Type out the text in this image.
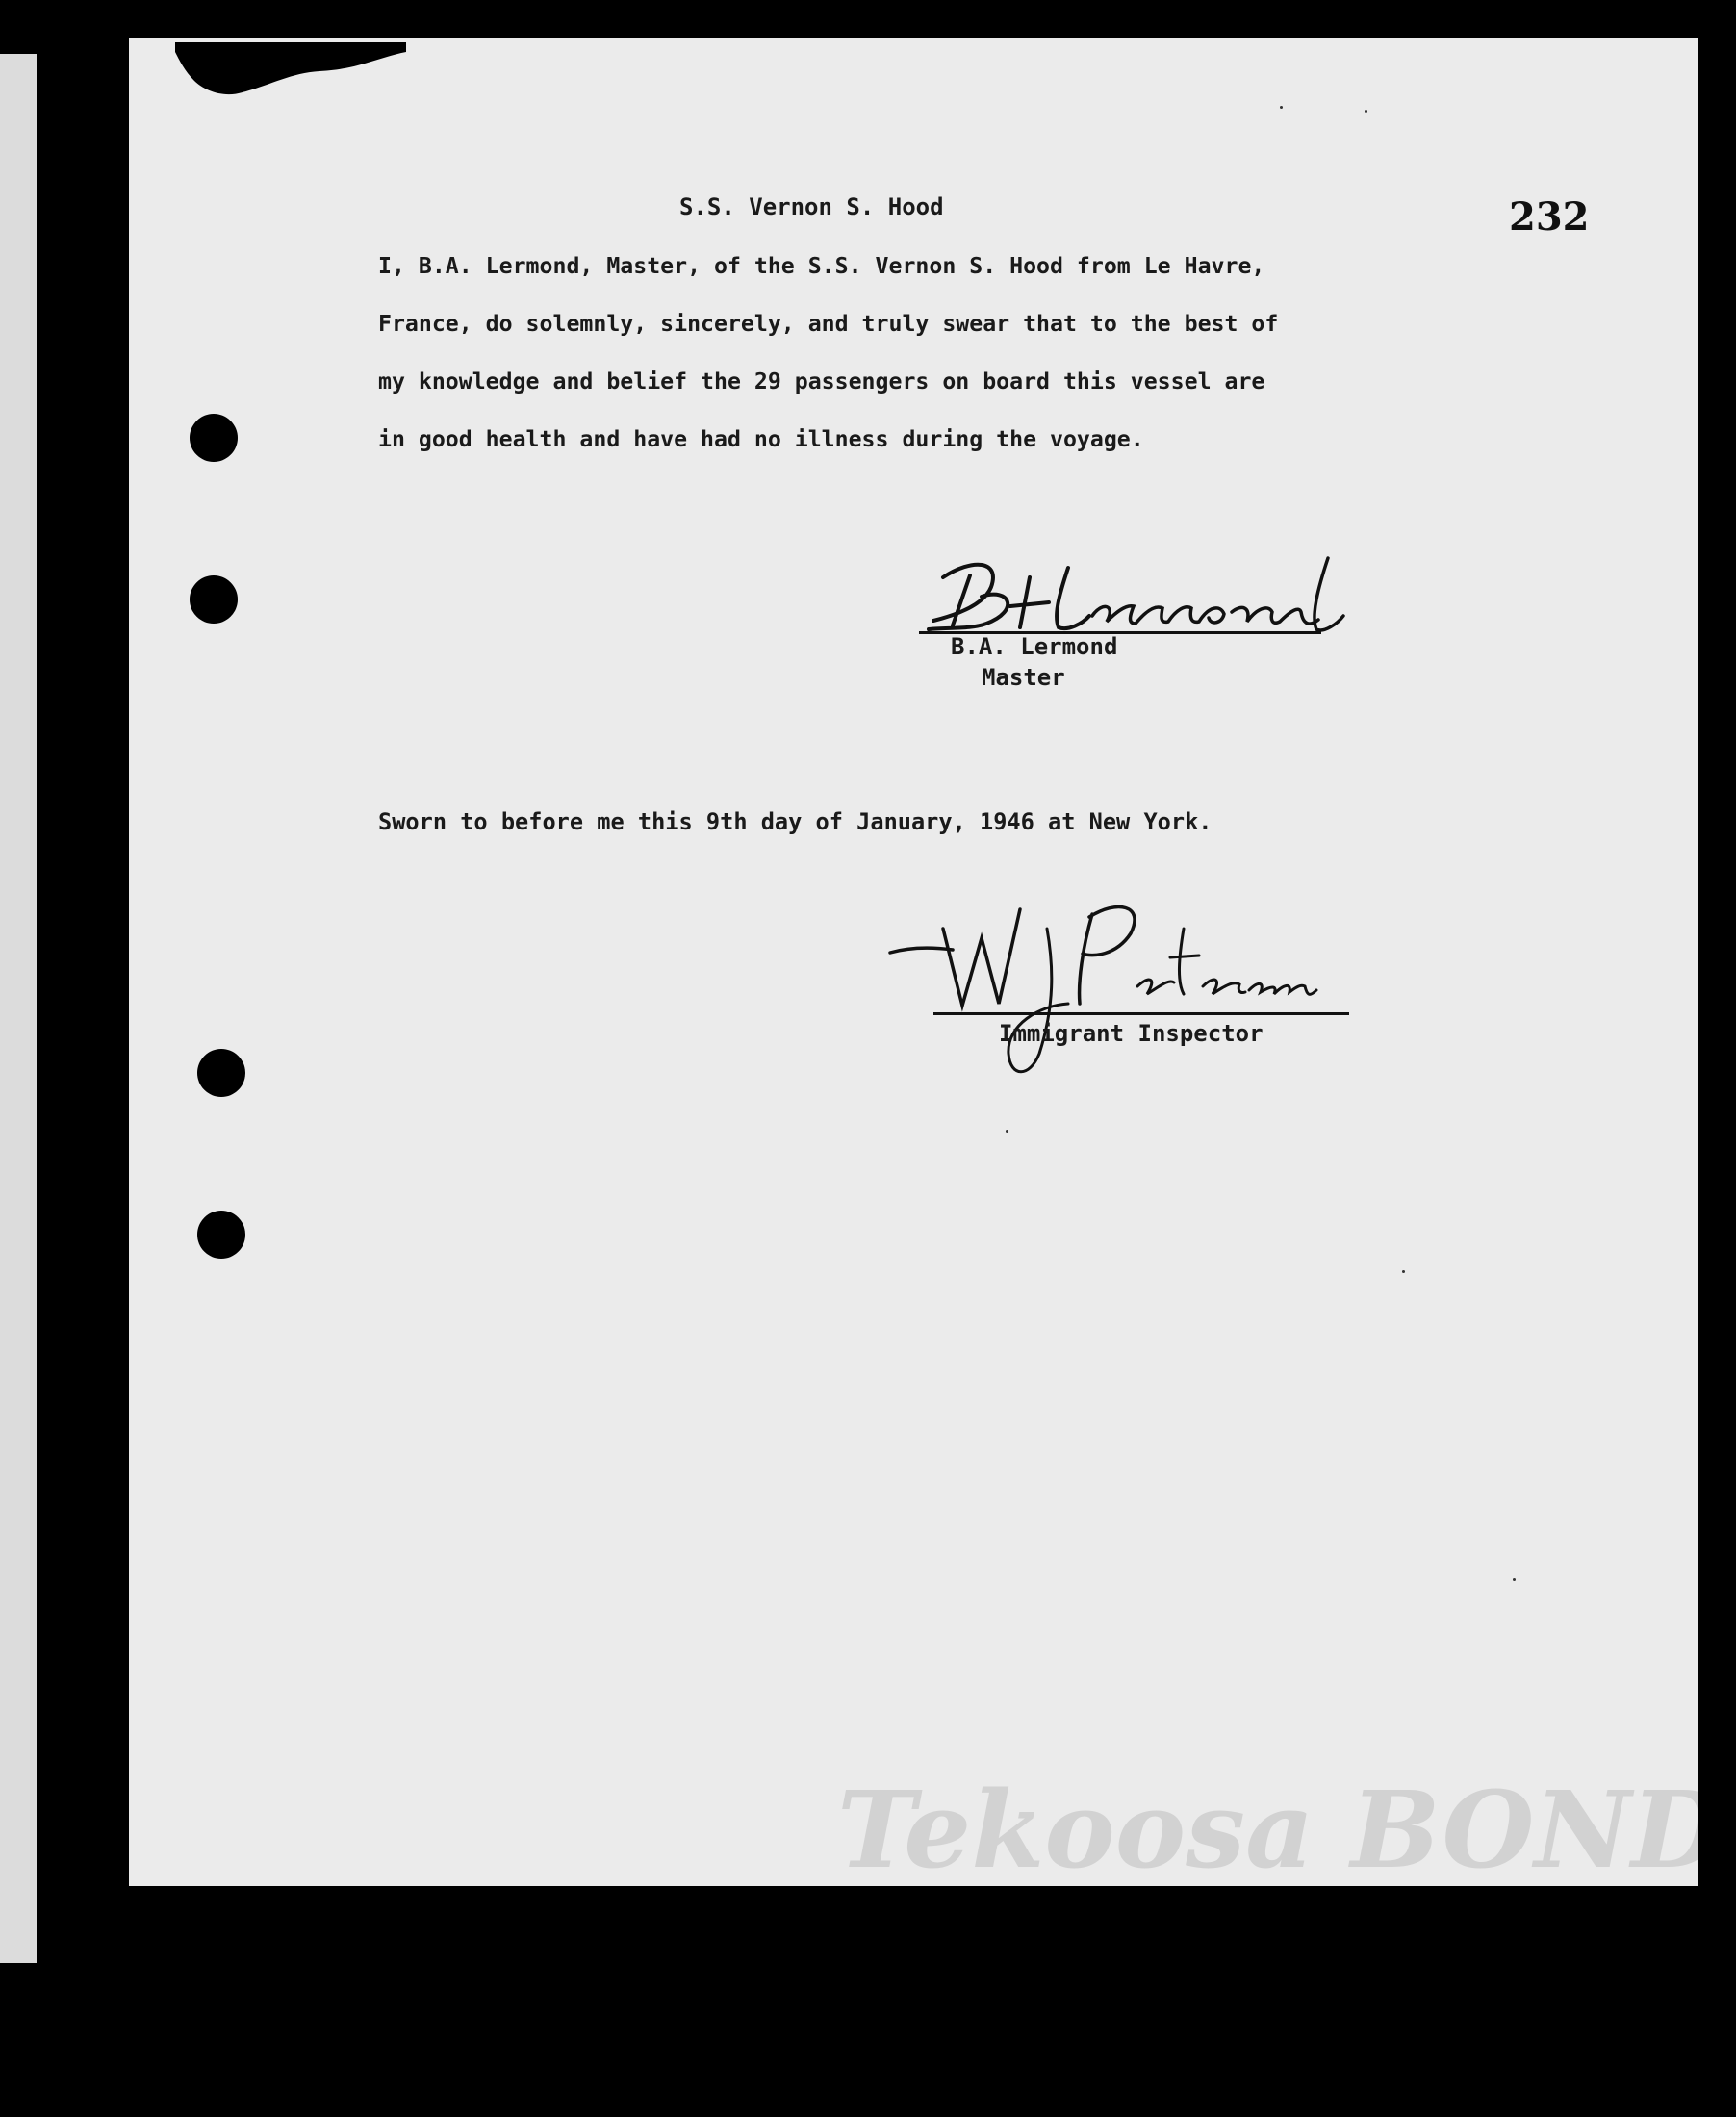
S.S. Vernon S. Hood	232
I, B.A. Lermond, Master, of the S.S. Vernon S. Hood from Le Havre,
France, do solemnly, sincerely, and truly swear that to the best of
my knowledge and belief the 29 passengers on board this vessel are
in good health and have had no illness during the voyage.
B.A. Lermond
Master
Sworn to before me this 9th day of January, 1946 at New York.
Immigrant Inspector
Tekoosa BOND
